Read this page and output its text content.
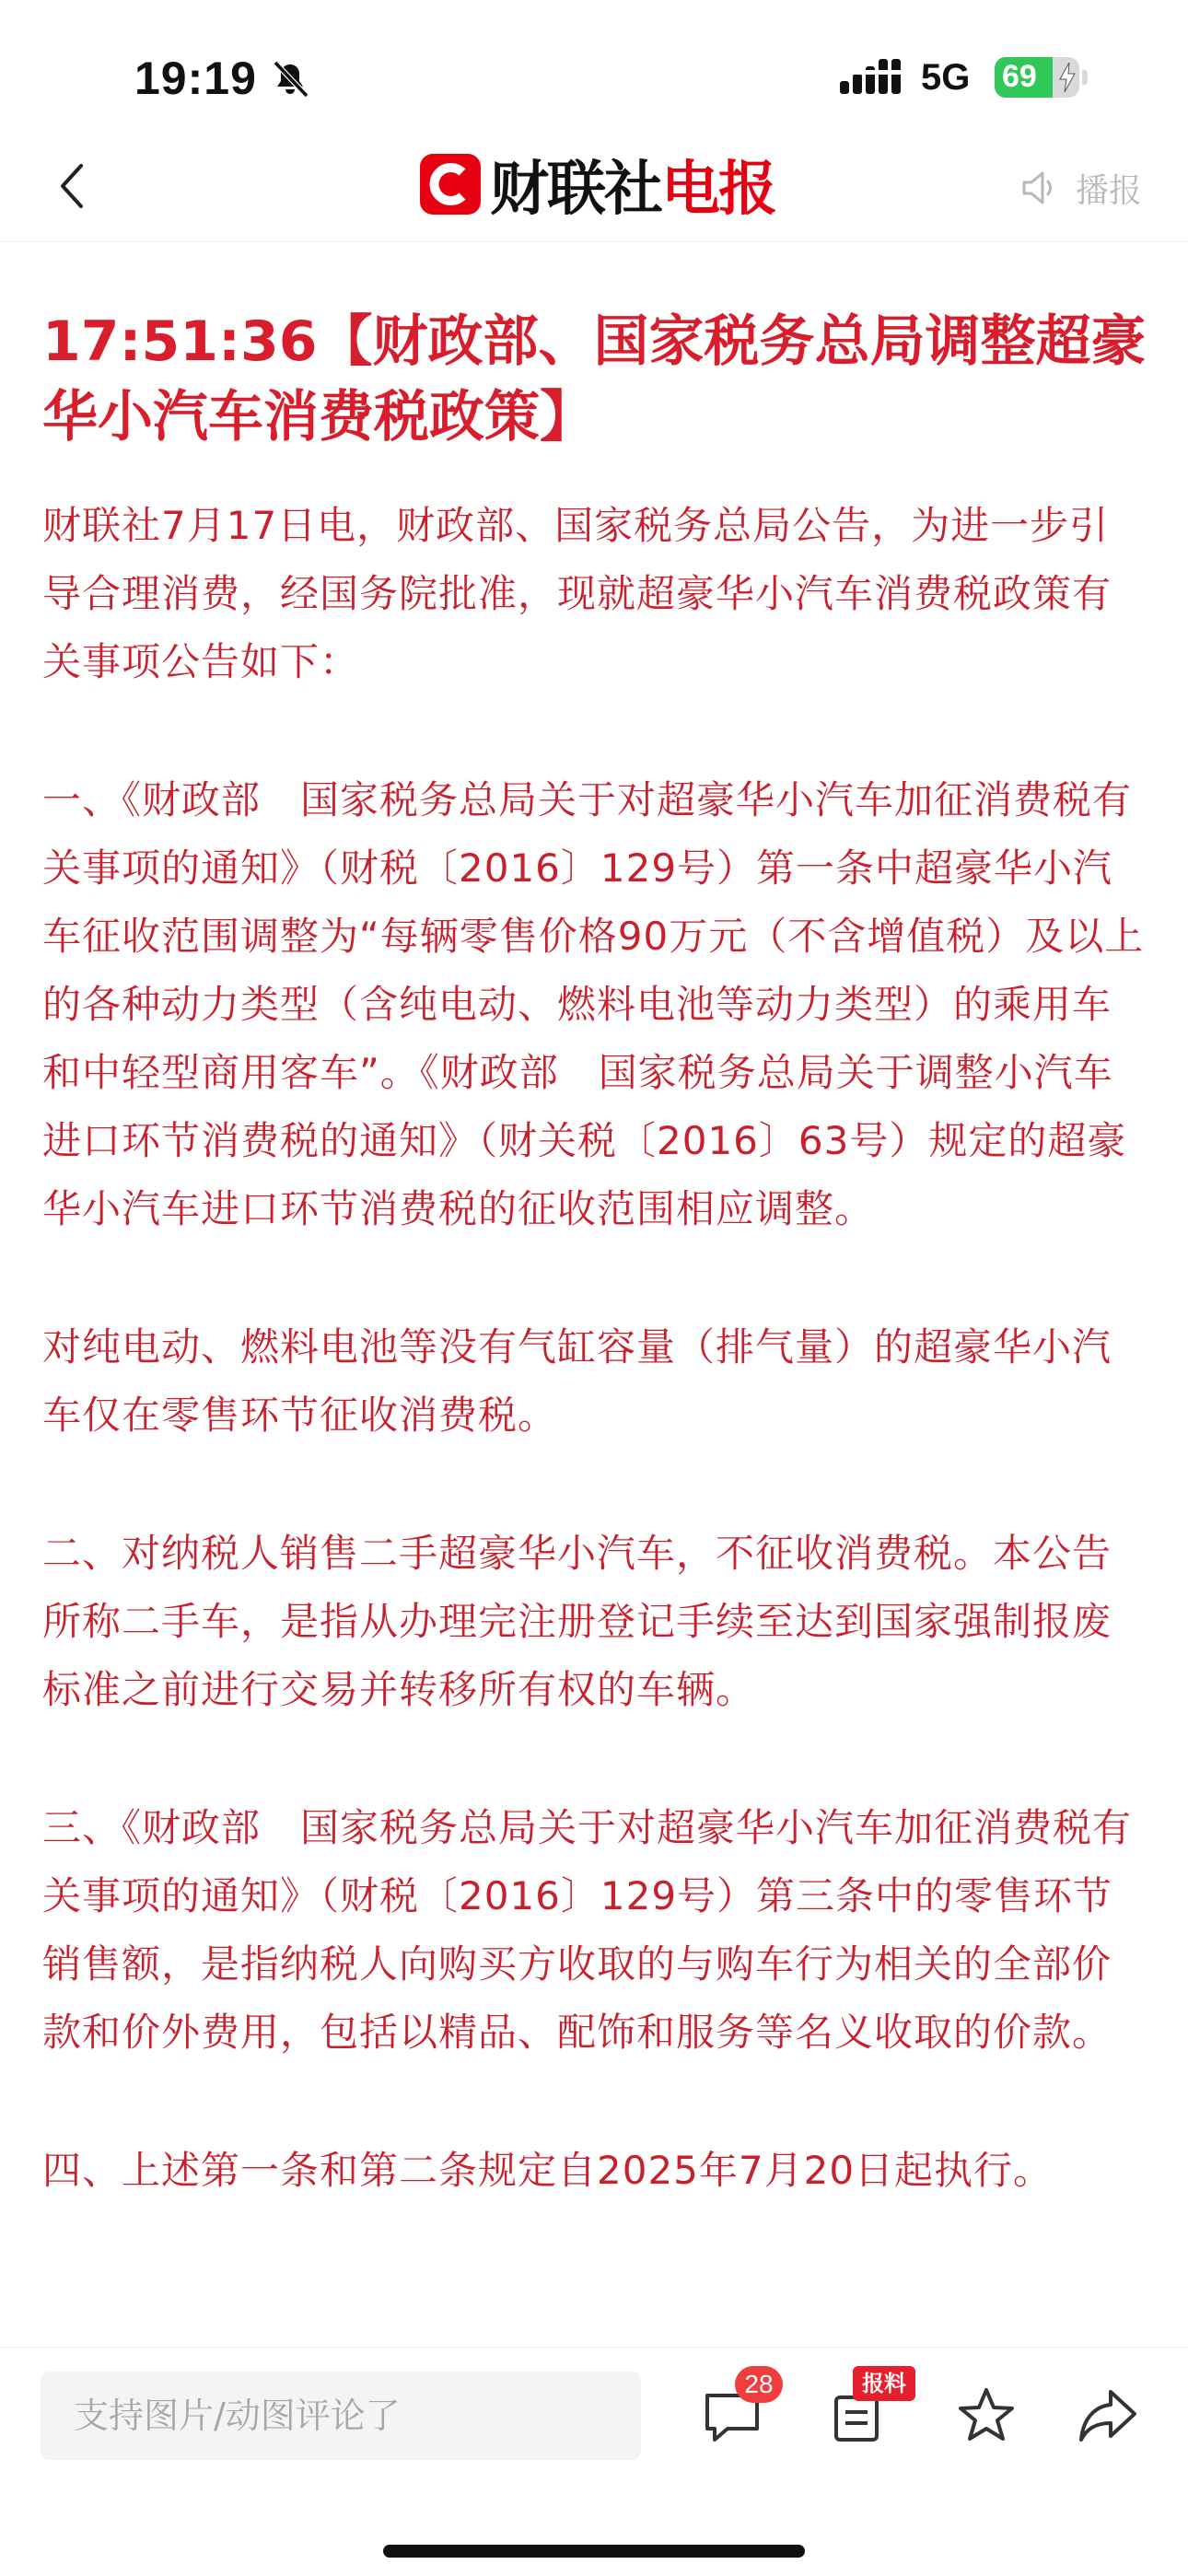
19:19	5G 69
财联社 电报	播报
17:51:36【财政部、国家税务总局调整超豪华小汽车消费税政策】

财联社7月17日电，财政部、国家税务总局公告，为进一步引导合理消费，经国务院批准，现就超豪华小汽车消费税政策有关事项公告如下：

一、《财政部　国家税务总局关于对超豪华小汽车加征消费税有关事项的通知》（财税〔2016〕129号）第一条中超豪华小汽车征收范围调整为“每辆零售价格90万元（不含增值税）及以上的各种动力类型（含纯电动、燃料电池等动力类型）的乘用车和中轻型商用客车”。《财政部　国家税务总局关于调整小汽车进口环节消费税的通知》（财关税〔2016〕63号）规定的超豪华小汽车进口环节消费税的征收范围相应调整。

对纯电动、燃料电池等没有气缸容量（排气量）的超豪华小汽车仅在零售环节征收消费税。

二、对纳税人销售二手超豪华小汽车，不征收消费税。本公告所称二手车，是指从办理完注册登记手续至达到国家强制报废标准之前进行交易并转移所有权的车辆。

三、《财政部　国家税务总局关于对超豪华小汽车加征消费税有关事项的通知》（财税〔2016〕129号）第三条中的零售环节销售额，是指纳税人向购买方收取的与购车行为相关的全部价款和价外费用，包括以精品、配饰和服务等名义收取的价款。

四、上述第一条和第二条规定自2025年7月20日起执行。

支持图片/动图评论了
28	报料
